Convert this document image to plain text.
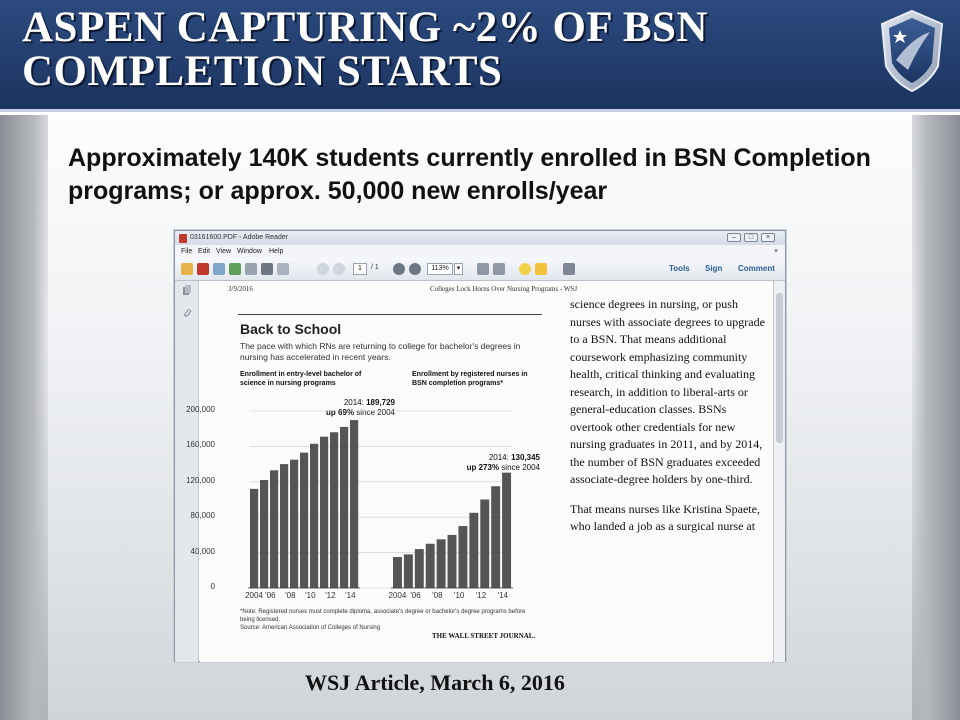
ASPEN CAPTURING ~2% OF BSN COMPLETION STARTS
Approximately 140K students currently enrolled in BSN Completion programs; or approx. 50,000 new enrolls/year
03161600.PDF - Adobe Reader	–	□	×
File Edit View Window Help	×
1	/ 1	113%	▾	Tools Sign Comment
3/9/2016	Colleges Lock Horns Over Nursing Programs - WSJ
Back to School
The pace with which RNs are returning to college for bachelor's degrees in nursing has accelerated in recent years.
Enrollment in entry-level bachelor of science in nursing programs
Enrollment by registered nurses in BSN completion programs*
2014: 189,729
up 69% since 2004
2014: 130,345
up 273% since 2004
200,000
160,000
120,000
80,000
40,000
0
2004 '06 '08 '10 '12 '14	2004 '06 '08 '10 '12 '14
*Note: Registered nurses must complete diploma, associate's degree or bachelor's degree programs before being licensed.
Source: American Association of Colleges of Nursing
THE WALL STREET JOURNAL.

science degrees in nursing, or push nurses with associate degrees to upgrade to a BSN. That means additional coursework emphasizing community health, critical thinking and evaluating research, in addition to liberal-arts or general-education classes. BSNs overtook other credentials for new nursing graduates in 2011, and by 2014, the number of BSN graduates exceeded associate-degree holders by one-third.

That means nurses like Kristina Spaete, who landed a job as a surgical nurse at

WSJ Article, March 6, 2016
